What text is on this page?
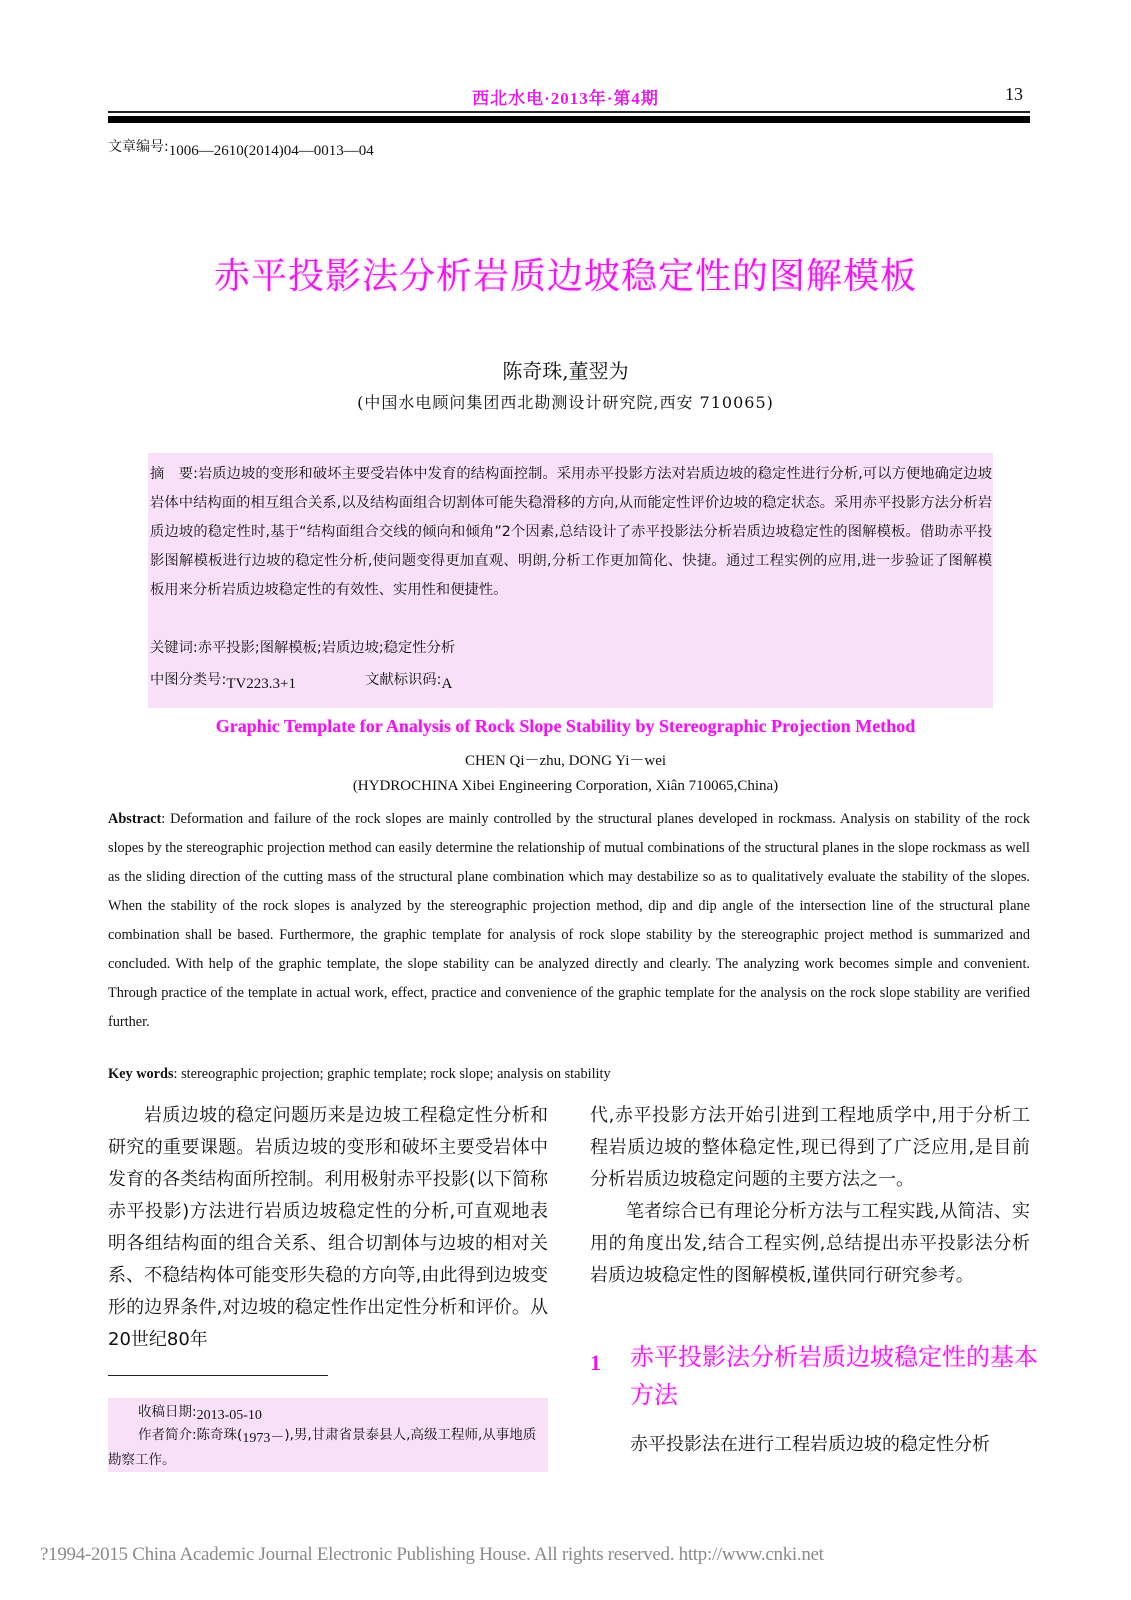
西北水电·2013年·第4期	13
文章编号:1006—2610(2014)04—0013—04
赤平投影法分析岩质边坡稳定性的图解模板
陈奇珠,董翌为
(中国水电顾问集团西北勘测设计研究院,西安 710065)
摘　要:岩质边坡的变形和破坏主要受岩体中发育的结构面控制。采用赤平投影方法对岩质边坡的稳定性进行分析,可以方便地确定边坡岩体中结构面的相互组合关系,以及结构面组合切割体可能失稳滑移的方向,从而能定性评价边坡的稳定状态。采用赤平投影方法分析岩质边坡的稳定性时,基于“结构面组合交线的倾向和倾角”2个因素,总结设计了赤平投影法分析岩质边坡稳定性的图解模板。借助赤平投影图解模板进行边坡的稳定性分析,使问题变得更加直观、明朗,分析工作更加简化、快捷。通过工程实例的应用,进一步验证了图解模板用来分析岩质边坡稳定性的有效性、实用性和便捷性。
关键词:赤平投影;图解模板;岩质边坡;稳定性分析
中图分类号:TV223.3+1	文献标识码:A
Graphic Template for Analysis of Rock Slope Stability by Stereographic Projection Method
CHEN Qi－zhu, DONG Yi－wei
(HYDROCHINA Xibei Engineering Corporation, Xiân 710065,China)
Abstract: Deformation and failure of the rock slopes are mainly controlled by the structural planes developed in rockmass. Analysis on stability of the rock slopes by the stereographic projection method can easily determine the relationship of mutual combinations of the structural planes in the slope rockmass as well as the sliding direction of the cutting mass of the structural plane combination which may destabilize so as to qualitatively evaluate the stability of the slopes. When the stability of the rock slopes is analyzed by the stereographic projection method, dip and dip angle of the intersection line of the structural plane combination shall be based. Furthermore, the graphic template for analysis of rock slope stability by the stereographic project method is summarized and concluded. With help of the graphic template, the slope stability can be analyzed directly and clearly. The analyzing work becomes simple and convenient. Through practice of the template in actual work, effect, practice and convenience of the graphic template for the analysis on the rock slope stability are verified further.
Key words: stereographic projection; graphic template; rock slope; analysis on stability
岩质边坡的稳定问题历来是边坡工程稳定性分析和研究的重要课题。岩质边坡的变形和破坏主要受岩体中发育的各类结构面所控制。利用极射赤平投影(以下简称赤平投影)方法进行岩质边坡稳定性的分析,可直观地表明各组结构面的组合关系、组合切割体与边坡的相对关系、不稳结构体可能变形失稳的方向等,由此得到边坡变形的边界条件,对边坡的稳定性作出定性分析和评价。从20世纪80年
代,赤平投影方法开始引进到工程地质学中,用于分析工程岩质边坡的整体稳定性,现已得到了广泛应用,是目前分析岩质边坡稳定问题的主要方法之一。
笔者综合已有理论分析方法与工程实践,从简洁、实用的角度出发,结合工程实例,总结提出赤平投影法分析岩质边坡稳定性的图解模板,谨供同行研究参考。
1 赤平投影法分析岩质边坡稳定性的基本方法
赤平投影法在进行工程岩质边坡的稳定性分析
收稿日期:2013-05-10
作者简介:陈奇珠(1973－),男,甘肃省景泰县人,高级工程师,从事地质勘察工作。
?1994-2015 China Academic Journal Electronic Publishing House. All rights reserved. http://www.cnki.net
